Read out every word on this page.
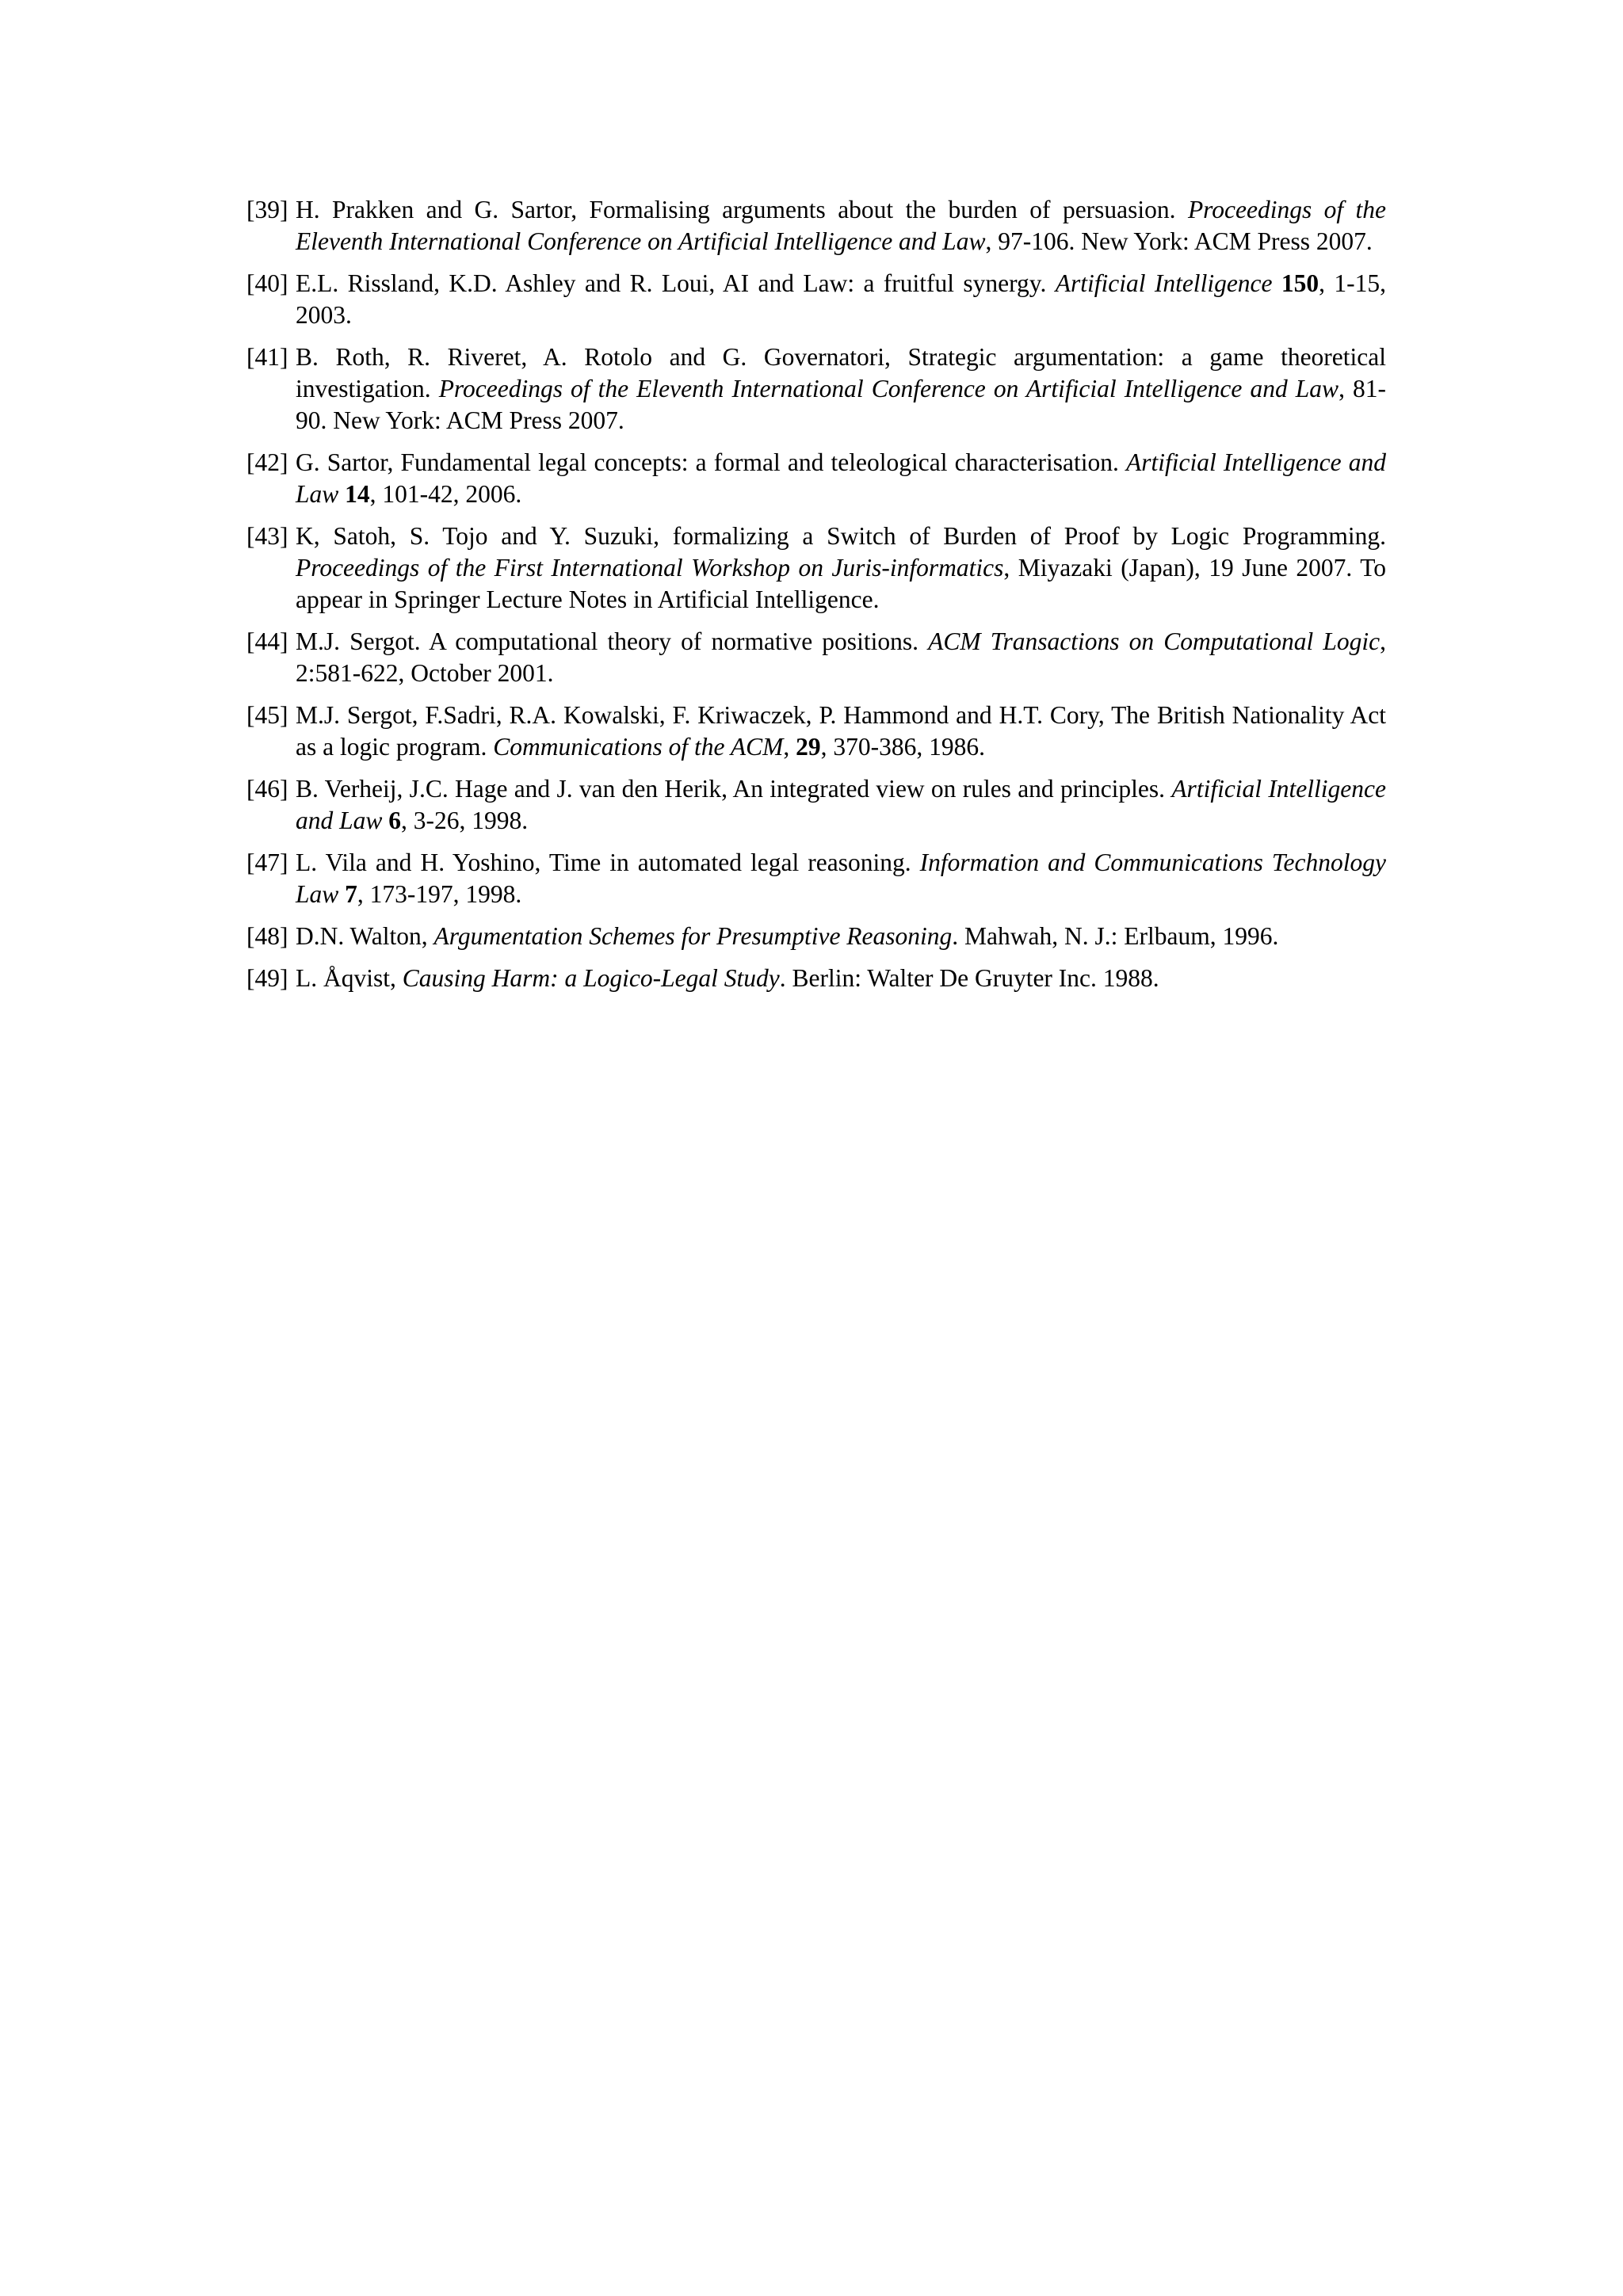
[39] H. Prakken and G. Sartor, Formalising arguments about the burden of persuasion. Proceedings of the Eleventh International Conference on Artificial Intelligence and Law, 97-106. New York: ACM Press 2007.
[40] E.L. Rissland, K.D. Ashley and R. Loui, AI and Law: a fruitful synergy. Artificial Intelligence 150, 1-15, 2003.
[41] B. Roth, R. Riveret, A. Rotolo and G. Governatori, Strategic argumentation: a game theoretical investigation. Proceedings of the Eleventh International Conference on Artificial Intelligence and Law, 81-90. New York: ACM Press 2007.
[42] G. Sartor, Fundamental legal concepts: a formal and teleological characterisation. Artificial Intelligence and Law 14, 101-42, 2006.
[43] K, Satoh, S. Tojo and Y. Suzuki, formalizing a Switch of Burden of Proof by Logic Programming. Proceedings of the First International Workshop on Juris-informatics, Miyazaki (Japan), 19 June 2007. To appear in Springer Lecture Notes in Artificial Intelligence.
[44] M.J. Sergot. A computational theory of normative positions. ACM Transactions on Computational Logic, 2:581-622, October 2001.
[45] M.J. Sergot, F.Sadri, R.A. Kowalski, F. Kriwaczek, P. Hammond and H.T. Cory, The British Nationality Act as a logic program. Communications of the ACM, 29, 370-386, 1986.
[46] B. Verheij, J.C. Hage and J. van den Herik, An integrated view on rules and principles. Artificial Intelligence and Law 6, 3-26, 1998.
[47] L. Vila and H. Yoshino, Time in automated legal reasoning. Information and Communications Technology Law 7, 173-197, 1998.
[48] D.N. Walton, Argumentation Schemes for Presumptive Reasoning. Mahwah, N. J.: Erlbaum, 1996.
[49] L. Åqvist, Causing Harm: a Logico-Legal Study. Berlin: Walter De Gruyter Inc. 1988.
